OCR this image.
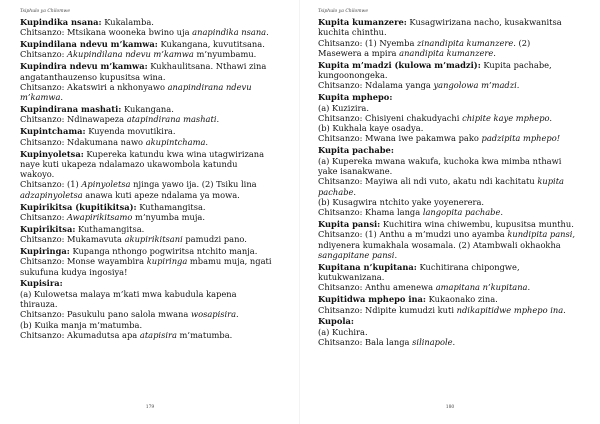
Tsiphulo ya Chilomwe
Kupindika nsana: Kukalamba.
Chitsanzo: Mtsikana wooneka bwino uja anapindika nsana.
Kupindilana ndevu m’kamwa: Kukangana, kuvutitsana.
Chitsanzo: Akupindilana ndevu m’kamwa m’nyumbamu.
Kupindira ndevu m’kamwa: Kukhaulitsana. Nthawi zina angatanthauzenso kupusitsa wina.
Chitsanzo: Akatswiri a nkhonyawo anapindirana ndevu m’kamwa.
Kupindirana mashati: Kukangana.
Chitsanzo: Ndinawapeza atapindirana mashati.
Kupintchama: Kuyenda movutikira.
Chitsanzo: Ndakumana nawo akupintchama.
Kupinyoletsa: Kupereka katundu kwa wina utagwirizana naye kuti ukapeza ndalamazo ukawombola katundu wakoyo.
Chitsanzo: (1) Apinyoletsa njinga yawo ija. (2) Tsiku lina adzapinyoletsa anawa kuti apeze ndalama ya mowa.
Kupirikitsa (kupitikitsa): Kuthamangitsa.
Chitsanzo: Awapirikitsamo m’nyumba muja.
Kupirikitsa: Kuthamangitsa.
Chitsanzo: Mukamavuta akupirikitsani pamudzi pano.
Kupiringa: Kupanga nthongo pogwiritsa ntchito manja.
Chitsanzo: Monse wayambira kupiringa mbamu muja, ngati sukufuna kudya ingosiya!
Kupisira:
(a) Kulowetsa malaya m’kati mwa kabudula kapena thirauza.
Chitsanzo: Pasukulu pano salola mwana wosapisira.
(b) Kuika manja m’matumba.
Chitsanzo: Akumadutsa apa atapisira m’matumba.
179
Tsiphulo ya Chilomwe
Kupita kumanzere: Kusagwirizana nacho, kusakwanitsa kuchita chinthu.
Chitsanzo: (1) Nyemba zinandipita kumanzere. (2) Masewera a mpira anandipita kumanzere.
Kupita m’madzi (kulowa m’madzi): Kupita pachabe, kungoonongeka.
Chitsanzo: Ndalama yanga yangolowa m’madzi.
Kupita mphepo:
(a) Kuzizira.
Chitsanzo: Chisiyeni chakudyachi chipite kaye mphepo.
(b) Kukhala kaye osadya.
Chitsanzo: Mwana iwe pakamwa pako padzipita mphepo!
Kupita pachabe:
(a) Kupereka mwana wakufa, kuchoka kwa mimba nthawi yake isanakwane.
Chitsanzo: Mayiwa ali ndi vuto, akatu ndi kachitatu kupita pachabe.
(b) Kusagwira ntchito yake yoyenerera.
Chitsanzo: Khama langa langopita pachabe.
Kupita pansi: Kuchitira wina chiwembu, kupusitsa munthu.
Chitsanzo: (1) Anthu a m’mudzi uno ayamba kundipita pansi, ndiyenera kumakhala wosamala. (2) Atambwali okhaokha sangapitane pansi.
Kupitana n’kupitana: Kuchitirana chipongwe, kutukwanizana.
Chitsanzo: Anthu amenewa amapitana n’kupitana.
Kupitidwa mphepo ina: Kukaonako zina.
Chitsanzo: Ndipite kumudzi kuti ndikapitidwe mphepo ina.
Kupola:
(a) Kuchira.
Chitsanzo: Bala langa silinapole.
180
